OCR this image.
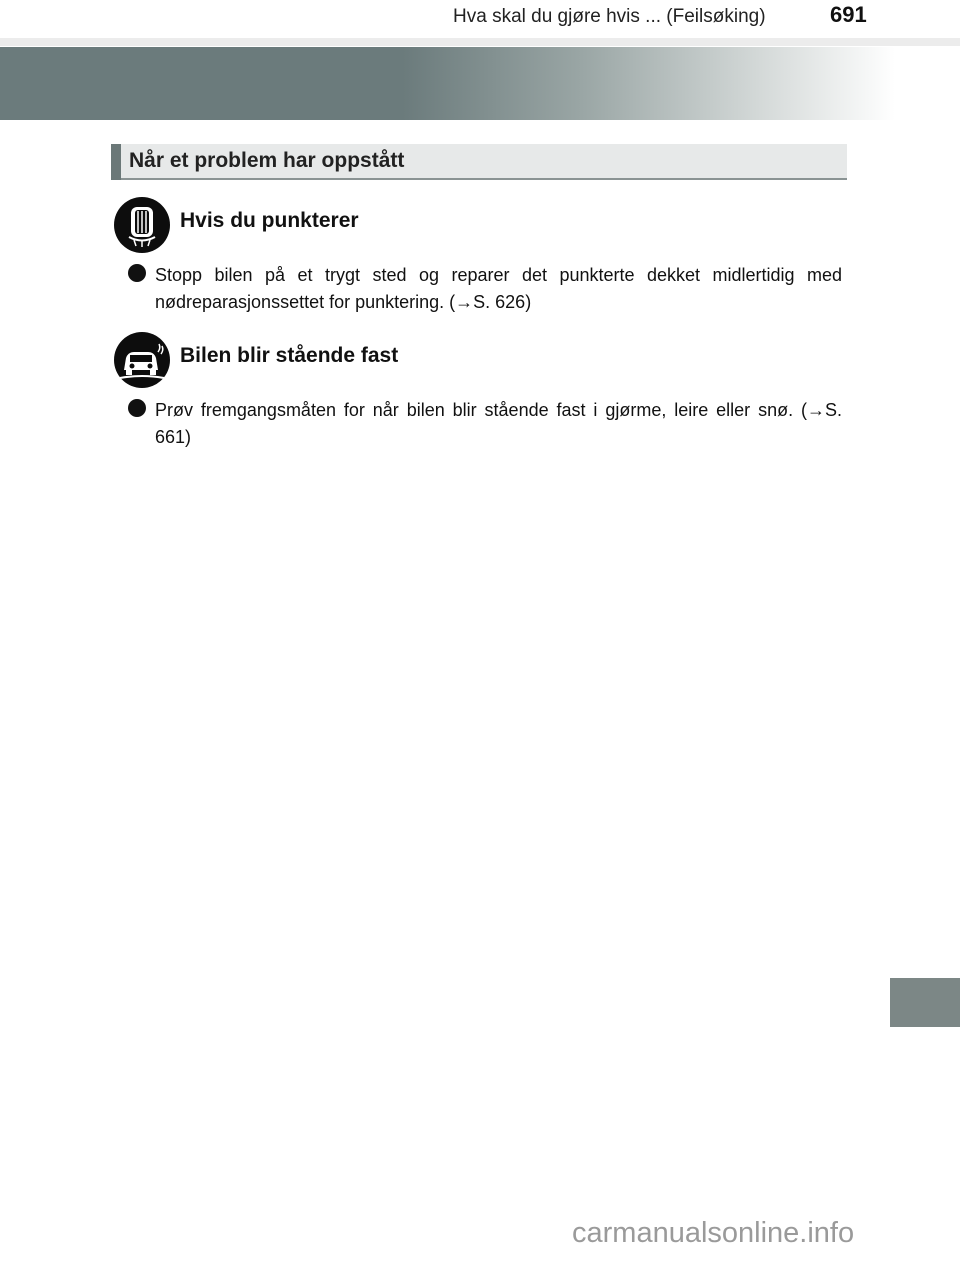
Hva skal du gjøre hvis ... (Feilsøking)	691
Når et problem har oppstått
Hvis du punkterer
Stopp bilen på et trygt sted og reparer det punkterte dekket midlertidig med nødreparasjonssettet for punktering. (→S. 626)
Bilen blir stående fast
Prøv fremgangsmåten for når bilen blir stående fast i gjørme, leire eller snø. (→S. 661)
carmanualsonline.info
